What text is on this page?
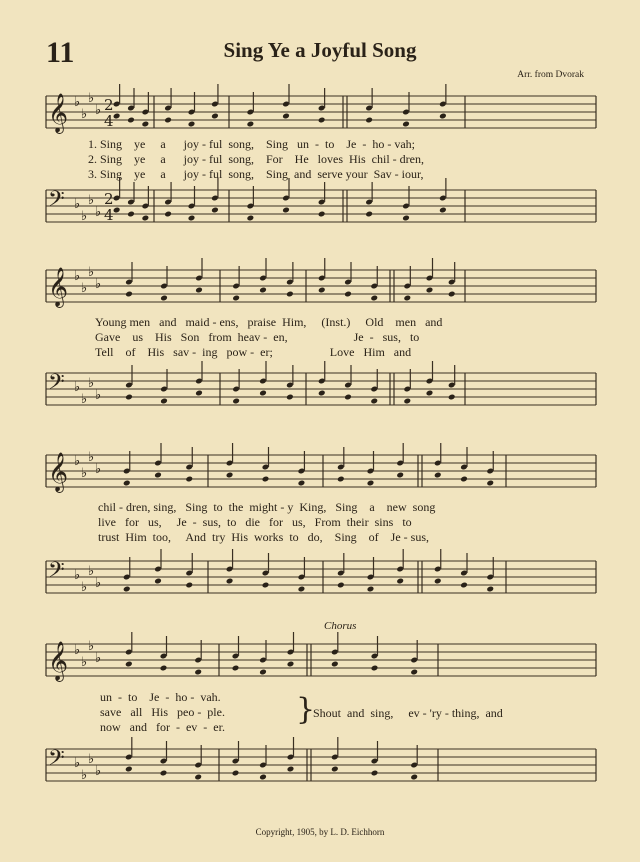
11	Sing Ye a Joyful Song
Arr. from Dvorak
𝄞 ♭
♭
♭
♭
𝄢 ♭
♭
♭
♭
2
4
2
4
𝄞 ♭
♭
♭
♭
𝄢 ♭
♭
♭
♭
𝄞 ♭
♭
♭
♭
𝄢 ♭
♭
♭
♭
𝄞 ♭
♭
♭
♭
𝄢 ♭
♭
♭
♭
1. Sing    ye     a      joy - ful  song,    Sing   un  -  to    Je  -  ho - vah;
2. Sing    ye     a      joy - ful  song,    For    He   loves  His  chil - dren,
3. Sing    ye     a      joy - ful  song,    Sing  and  serve your  Sav - iour,
Young men   and   maid - ens,   praise  Him,     (Inst.)     Old    men   and
Gave    us    His   Son   from  heav -  en,                      Je  -   sus,   to
Tell    of    His   sav -  ing   pow -  er;                   Love   Him   and
chil - dren, sing,   Sing  to  the  might - y  King,   Sing    a    new  song
live   for   us,     Je  -  sus,  to   die   for   us,   From  their  sins   to
trust  Him  too,     And  try  His  works  to   do,    Sing    of    Je - sus,
Chorus
un  -  to    Je  -  ho -  vah.
save   all   His   peo -  ple.
now   and   for  -  ev  -  er. }
Shout  and  sing,     ev - 'ry - thing,  and
Copyright, 1905, by L. D. Eichhorn
